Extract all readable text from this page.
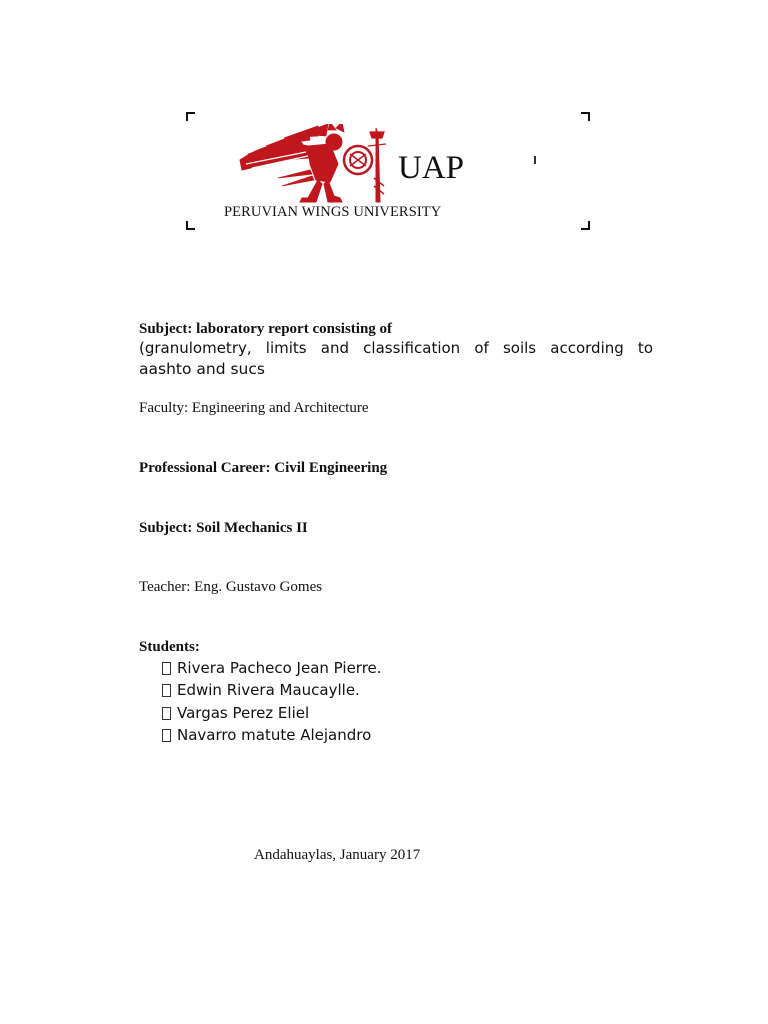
UAP
PERUVIAN WINGS UNIVERSITY
Subject: laboratory report consisting of
(granulometry, limits and classification of soils according to
aashto and sucs
Faculty: Engineering and Architecture
Professional Career: Civil Engineering
Subject: Soil Mechanics II
Teacher: Eng. Gustavo Gomes
Students:
Rivera Pacheco Jean Pierre.
Edwin Rivera Maucaylle.
Vargas Perez Eliel
Navarro matute Alejandro
Andahuaylas, January 2017
